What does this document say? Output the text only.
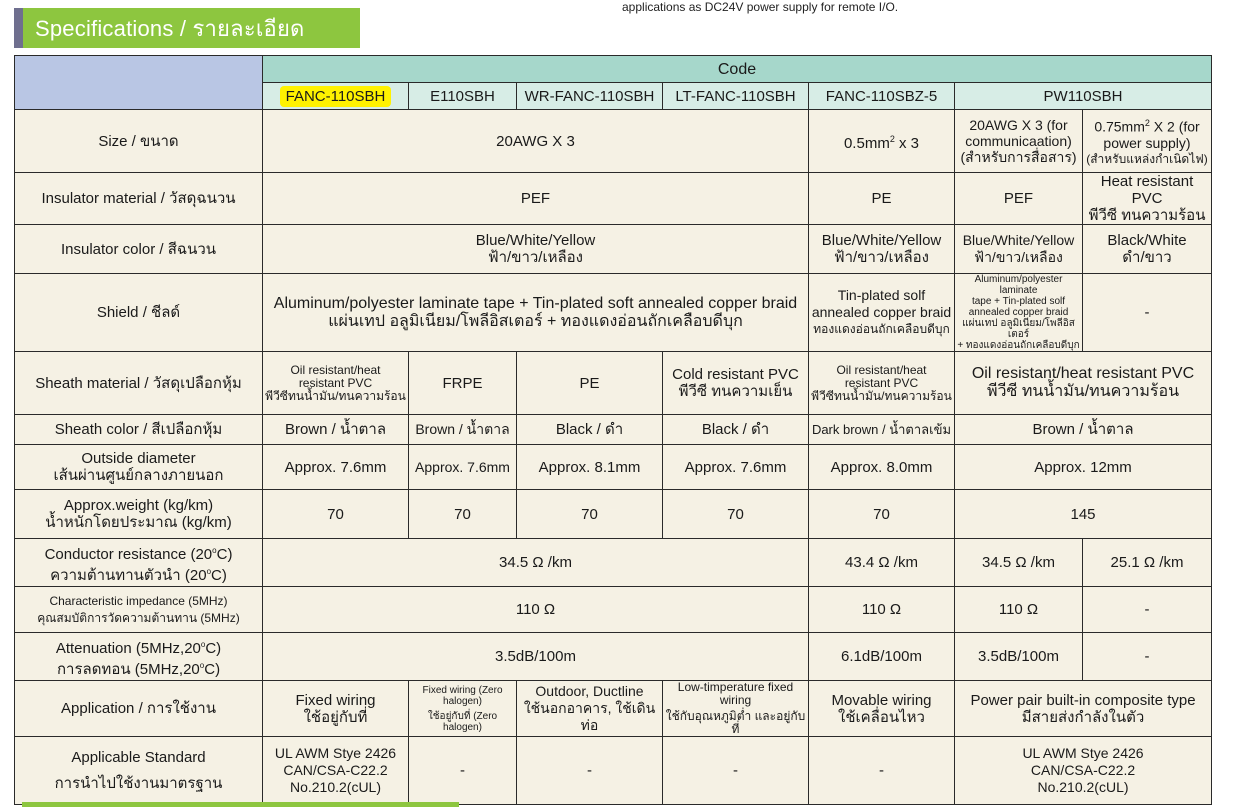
applications as DC24V power supply for remote I/O.
Specifications / รายละเอียด
	Code						
	FANC-110SBH	E110SBH	WR-FANC-110SBH	LT-FANC-110SBH	FANC-110SBZ-5	PW110SBH	
Size / ขนาด	20AWG X 3				$0.5mm^2$ x 3	20AWG X 3 (for
communicaation)
(สำหรับการสื่อสาร)	$0.75mm^2$ X 2 (for
power supply)
(สำหรับแหล่งกำเนิดไฟ)

Insulator material / วัสดุฉนวน	PEF				PE	PEF	Heat resistant PVC
พีวีซี ทนความร้อน

Insulator color / สีฉนวน	Blue/White/Yellow
ฟ้า/ขาว/เหลือง				Blue/White/Yellow
ฟ้า/ขาว/เหลือง	Blue/White/Yellow
ฟ้า/ขาว/เหลือง	Black/White
ดำ/ขาว

Shield / ชีลด์	Aluminum/polyester laminate tape + Tin-plated soft annealed copper braid
แผ่นเทป อลูมิเนียม/โพลีอิสเตอร์ + ทองแดงอ่อนถักเคลือบดีบุก				Tin-plated solf
annealed copper braid
ทองแดงอ่อนถักเคลือบดีบุก	Aluminum/polyester laminate
tape + Tin-plated solf
annealed copper braid
แผ่นเทป อลูมิเนียม/โพลีอิสเตอร์
+ ทองแดงอ่อนถักเคลือบดีบุก	-
Sheath material / วัสดุเปลือกหุ้ม	Oil resistant/heat
resistant PVC
พีวีซีทนน้ำมัน/ทนความร้อน	FRPE	PE	Cold resistant PVC
พีวีซี ทนความเย็น	Oil resistant/heat
resistant PVC
พีวีซีทนน้ำมัน/ทนความร้อน	Oil resistant/heat resistant PVC
พีวีซี ทนน้ำมัน/ทนความร้อน	

Sheath color / สีเปลือกหุ้ม	Brown / น้ำตาล	Brown / น้ำตาล	Black / ดำ	Black / ดำ	Dark brown / น้ำตาลเข้ม	Brown / น้ำตาล	

Outside diameter
เส้นผ่านศูนย์กลางภายนอก	Approx. 7.6mm	Approx. 7.6mm	Approx. 8.1mm	Approx. 7.6mm	Approx. 8.0mm	Approx. 12mm	

Approx.weight (kg/km)
น้ำหนักโดยประมาณ (kg/km)	70	70	70	70	70	145	

Conductor resistance (20$^o$C)
ความต้านทานตัวนำ (20$^o$C)	34.5 Ω /km				43.4 Ω /km	34.5 Ω /km	25.1 Ω /km

Characteristic impedance (5MHz)
คุณสมบัติการวัดความต้านทาน (5MHz)	110 Ω				110 Ω	110 Ω	-

Attenuation (5MHz,20$^o$C)
การลดทอน (5MHz,20$^o$C)	3.5dB/100m				6.1dB/100m	3.5dB/100m	-
Application / การใช้งาน	Fixed wiring
ใช้อยู่กับที่	Fixed wiring (Zero halogen)
ใช้อยู่กับที่ (Zero halogen)	Outdoor, Ductline
ใช้นอกอาคาร, ใช้เดินท่อ	Low-timperature fixed wiring
ใช้กับอุณหภูมิต่ำ และอยู่กับที่	Movable wiring
ใช้เคลื่อนไหว	Power pair built-in composite type
มีสายส่งกำลังในตัว	

Applicable Standard
การนำไปใช้งานมาตรฐาน	UL AWM Stye 2426
CAN/CSA-C22.2
No.210.2(cUL)	-	-	-	-	UL AWM Stye 2426
CAN/CSA-C22.2
No.210.2(cUL)	
